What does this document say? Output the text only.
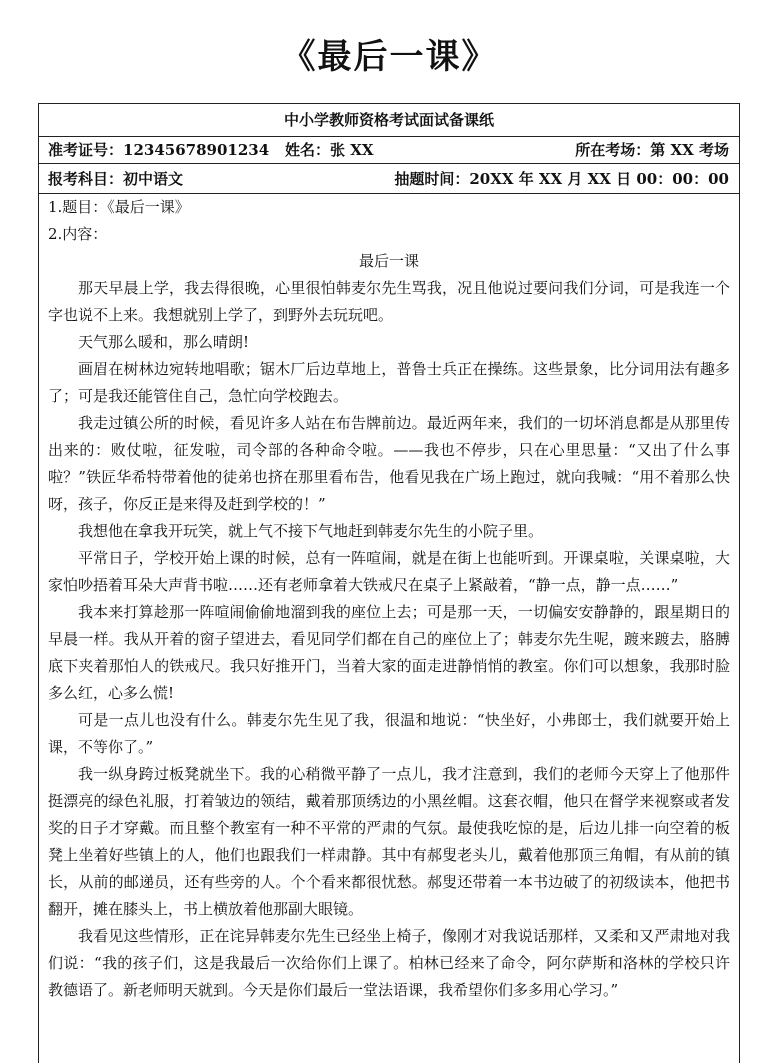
《最后一课》
中小学教师资格考试面试备课纸
准考证号：12345678901234 姓名：张 XX	所在考场：第 XX 考场
报考科目：初中语文	抽题时间：20XX 年 XX 月 XX 日 00：00：00
1.题目：《最后一课》
2.内容：
最后一课

那天早晨上学，我去得很晚，心里很怕韩麦尔先生骂我，况且他说过要问我们分词，可是我连一个字也说不上来。我想就别上学了，到野外去玩玩吧。

天气那么暖和，那么晴朗!

画眉在树林边宛转地唱歌；锯木厂后边草地上，普鲁士兵正在操练。这些景象，比分词用法有趣多了；可是我还能管住自己，急忙向学校跑去。

我走过镇公所的时候，看见许多人站在布告牌前边。最近两年来，我们的一切坏消息都是从那里传出来的：败仗啦，征发啦，司令部的各种命令啦。——我也不停步，只在心里思量：“又出了什么事啦？”铁匠华希特带着他的徒弟也挤在那里看布告，他看见我在广场上跑过，就向我喊：“用不着那么快呀，孩子，你反正是来得及赶到学校的！”

我想他在拿我开玩笑，就上气不接下气地赶到韩麦尔先生的小院子里。

平常日子，学校开始上课的时候，总有一阵喧闹，就是在街上也能听到。开课桌啦，关课桌啦，大家怕吵捂着耳朵大声背书啦……还有老师拿着大铁戒尺在桌子上紧敲着，“静一点，静一点……”

我本来打算趁那一阵喧闹偷偷地溜到我的座位上去；可是那一天，一切偏安安静静的，跟星期日的早晨一样。我从开着的窗子望进去，看见同学们都在自己的座位上了；韩麦尔先生呢，踱来踱去，胳膊底下夹着那怕人的铁戒尺。我只好推开门，当着大家的面走进静悄悄的教室。你们可以想象，我那时脸多么红，心多么慌!

可是一点儿也没有什么。韩麦尔先生见了我，很温和地说：“快坐好，小弗郎士，我们就要开始上课，不等你了。”

我一纵身跨过板凳就坐下。我的心稍微平静了一点儿，我才注意到，我们的老师今天穿上了他那件挺漂亮的绿色礼服，打着皱边的领结，戴着那顶绣边的小黑丝帽。这套衣帽，他只在督学来视察或者发奖的日子才穿戴。而且整个教室有一种不平常的严肃的气氛。最使我吃惊的是，后边儿排一向空着的板凳上坐着好些镇上的人，他们也跟我们一样肃静。其中有郝叟老头儿，戴着他那顶三角帽，有从前的镇长，从前的邮递员，还有些旁的人。个个看来都很忧愁。郝叟还带着一本书边破了的初级读本，他把书翻开，摊在膝头上，书上横放着他那副大眼镜。

我看见这些情形，正在诧异韩麦尔先生已经坐上椅子，像刚才对我说话那样，又柔和又严肃地对我们说：“我的孩子们，这是我最后一次给你们上课了。柏林已经来了命令，阿尔萨斯和洛林的学校只许教德语了。新老师明天就到。今天是你们最后一堂法语课，我希望你们多多用心学习。”
